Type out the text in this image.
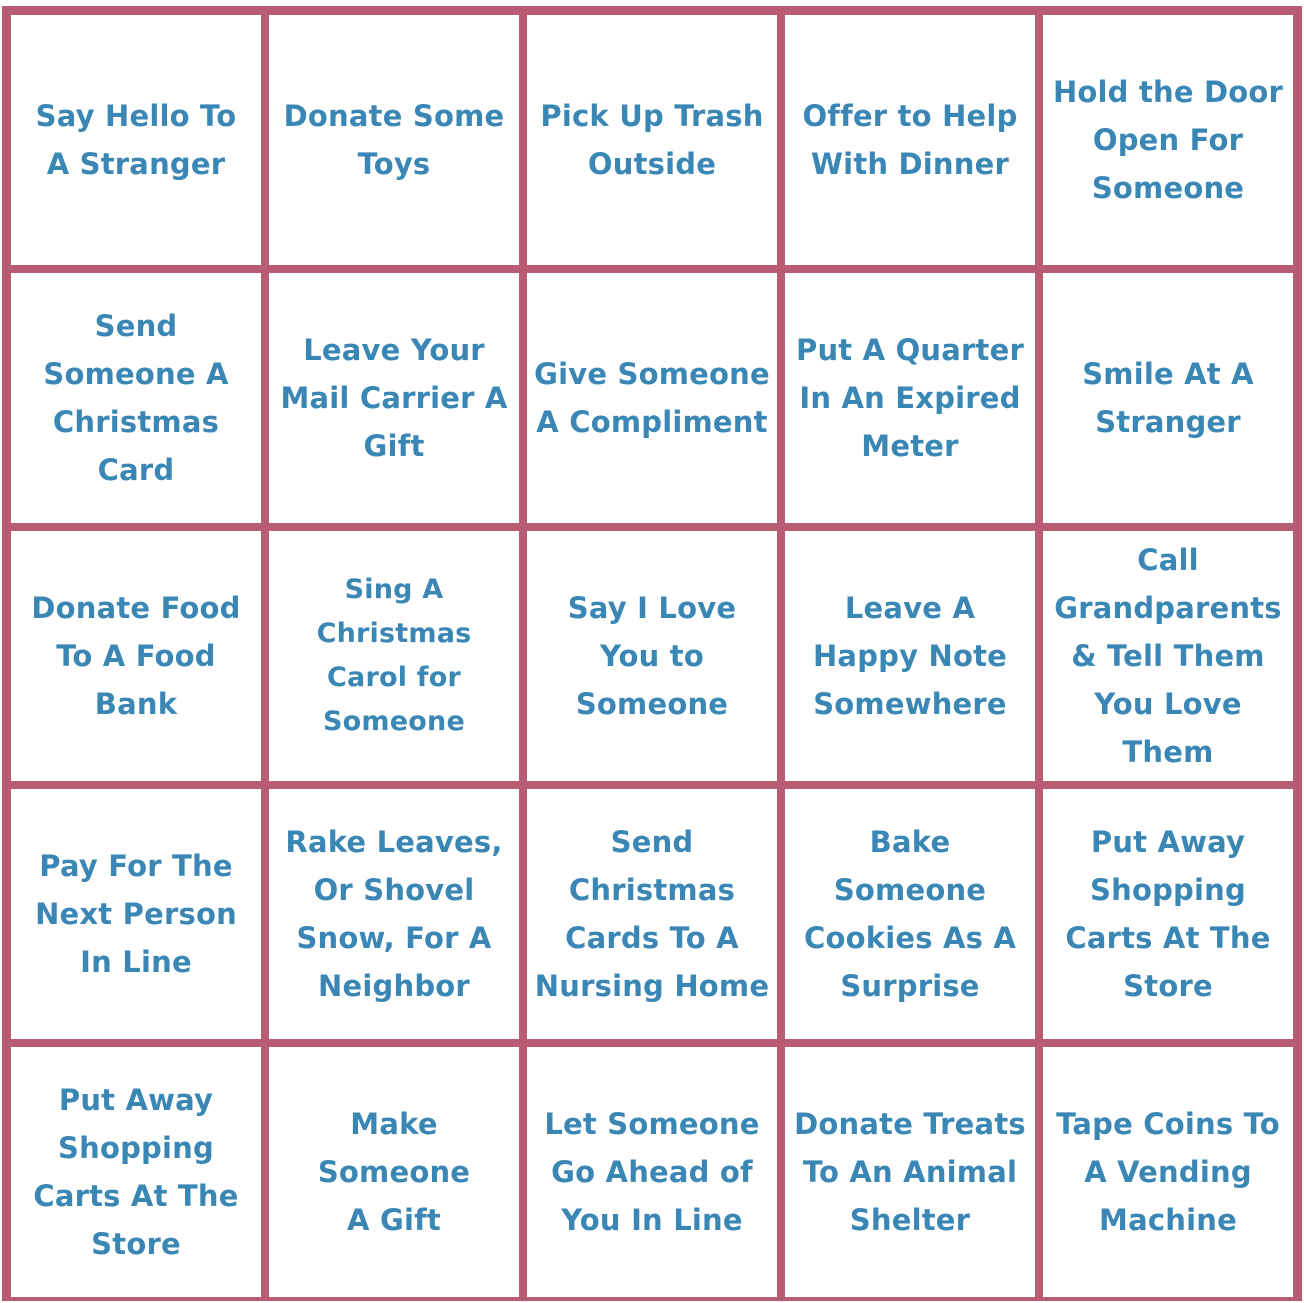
Say Hello To
A Stranger
Donate Some
Toys
Pick Up Trash
Outside
Offer to Help
With Dinner
Hold the Door
Open For
Someone
Send
Someone A
Christmas
Card
Leave Your
Mail Carrier A
Gift
Give Someone
A Compliment
Put A Quarter
In An Expired
Meter
Smile At A
Stranger
Donate Food
To A Food
Bank
Sing A
Christmas
Carol for
Someone
Say I Love
You to
Someone
Leave A
Happy Note
Somewhere
Call
Grandparents
& Tell Them
You Love
Them
Pay For The
Next Person
In Line
Rake Leaves,
Or Shovel
Snow, For A
Neighbor
Send
Christmas
Cards To A
Nursing Home
Bake
Someone
Cookies As A
Surprise
Put Away
Shopping
Carts At The
Store
Put Away
Shopping
Carts At The
Store
Make
Someone
A Gift
Let Someone
Go Ahead of
You In Line
Donate Treats
To An Animal
Shelter
Tape Coins To
A Vending
Machine
